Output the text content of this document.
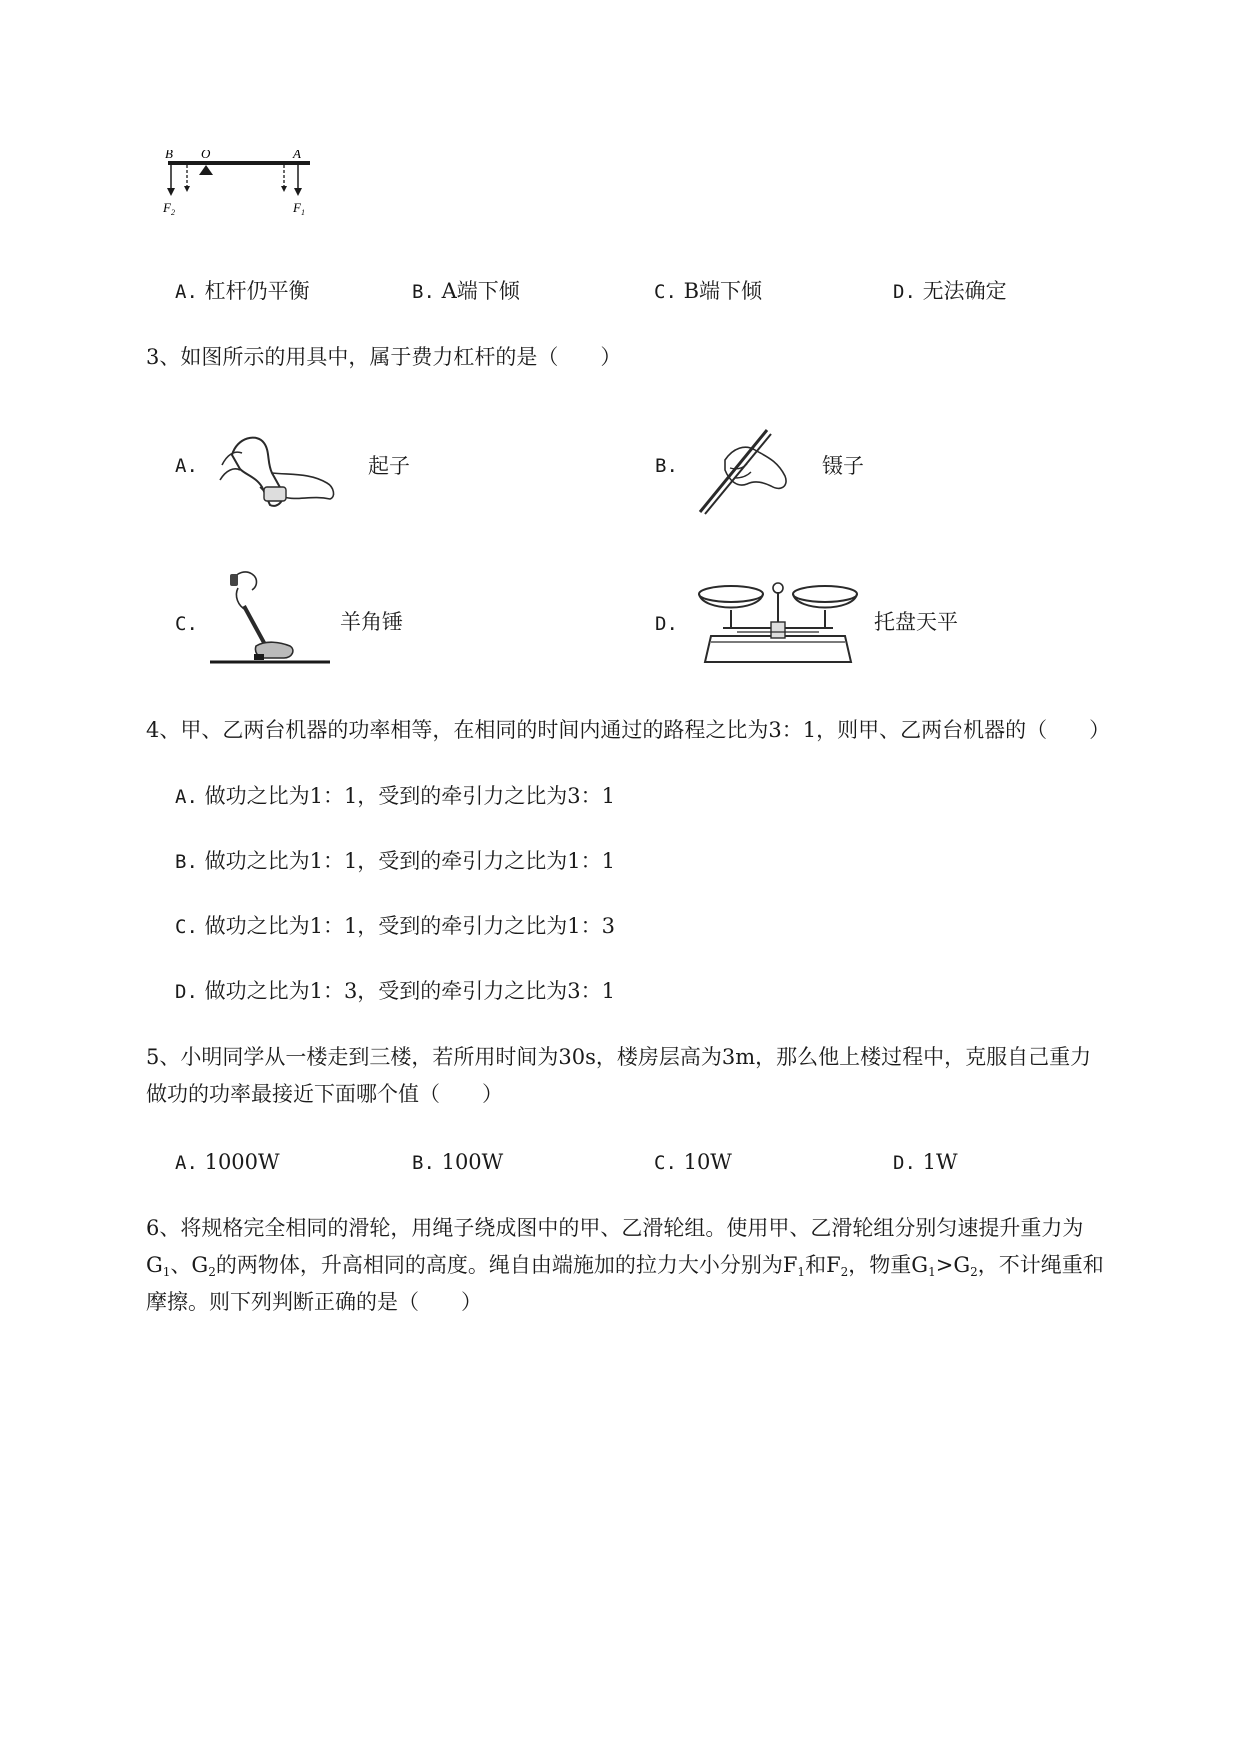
B O	A
$F_2$	$F_1$
A. 杠杆仍平衡	B. A端下倾	C. B端下倾	D. 无法确定
3、如图所示的用具中，属于费力杠杆的是（　　）
A.	起子	B.	镊子
C.	羊角锤	D.	托盘天平
4、甲、乙两台机器的功率相等，在相同的时间内通过的路程之比为3：1，则甲、乙两台机器的（　　）
A. 做功之比为1：1，受到的牵引力之比为3：1
B. 做功之比为1：1，受到的牵引力之比为1：1
C. 做功之比为1：1，受到的牵引力之比为1：3
D. 做功之比为1：3，受到的牵引力之比为3：1
5、小明同学从一楼走到三楼，若所用时间为30s，楼房层高为3m，那么他上楼过程中，克服自己重力
做功的功率最接近下面哪个值（　　）
A. 1000W	B. 100W	C. 10W	D. 1W
6、将规格完全相同的滑轮，用绳子绕成图中的甲、乙滑轮组。使用甲、乙滑轮组分别匀速提升重力为
$G_1$、$G_2$的两物体，升高相同的高度。绳自由端施加的拉力大小分别为$F_1$和$F_2$，物重$G_1>G_2$，不计绳重和
摩擦。则下列判断正确的是（　　）
